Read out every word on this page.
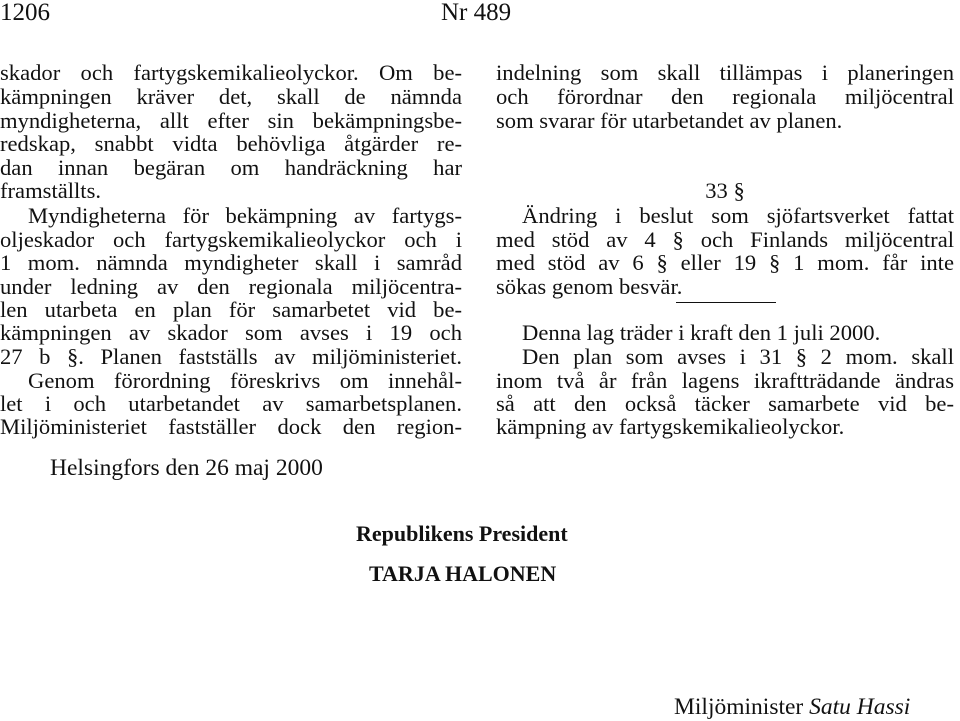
1206	Nr 489
skador och fartygskemikalieolyckor. Om be-
kämpningen kräver det, skall de nämnda
myndigheterna, allt efter sin bekämpningsbe-
redskap, snabbt vidta behövliga åtgärder re-
dan innan begäran om handräckning har
framställts.
Myndigheterna för bekämpning av fartygs-
oljeskador och fartygskemikalieolyckor och i
1 mom. nämnda myndigheter skall i samråd
under ledning av den regionala miljöcentra-
len utarbeta en plan för samarbetet vid be-
kämpningen av skador som avses i 19 och
27 b §. Planen fastställs av miljöministeriet.
Genom förordning föreskrivs om innehål-
let i och utarbetandet av samarbetsplanen.
Miljöministeriet fastställer dock den region-
indelning som skall tillämpas i planeringen
och förordnar den regionala miljöcentral
som svarar för utarbetandet av planen.
33 §
Ändring i beslut som sjöfartsverket fattat
med stöd av 4 § och Finlands miljöcentral
med stöd av 6 § eller 19 § 1 mom. får inte
sökas genom besvär.
Denna lag träder i kraft den 1 juli 2000.
Den plan som avses i 31 § 2 mom. skall
inom två år från lagens ikraftträdande ändras
så att den också täcker samarbete vid be-
kämpning av fartygskemikalieolyckor.
Helsingfors den 26 maj 2000
Republikens President
TARJA HALONEN
Miljöminister Satu Hassi
